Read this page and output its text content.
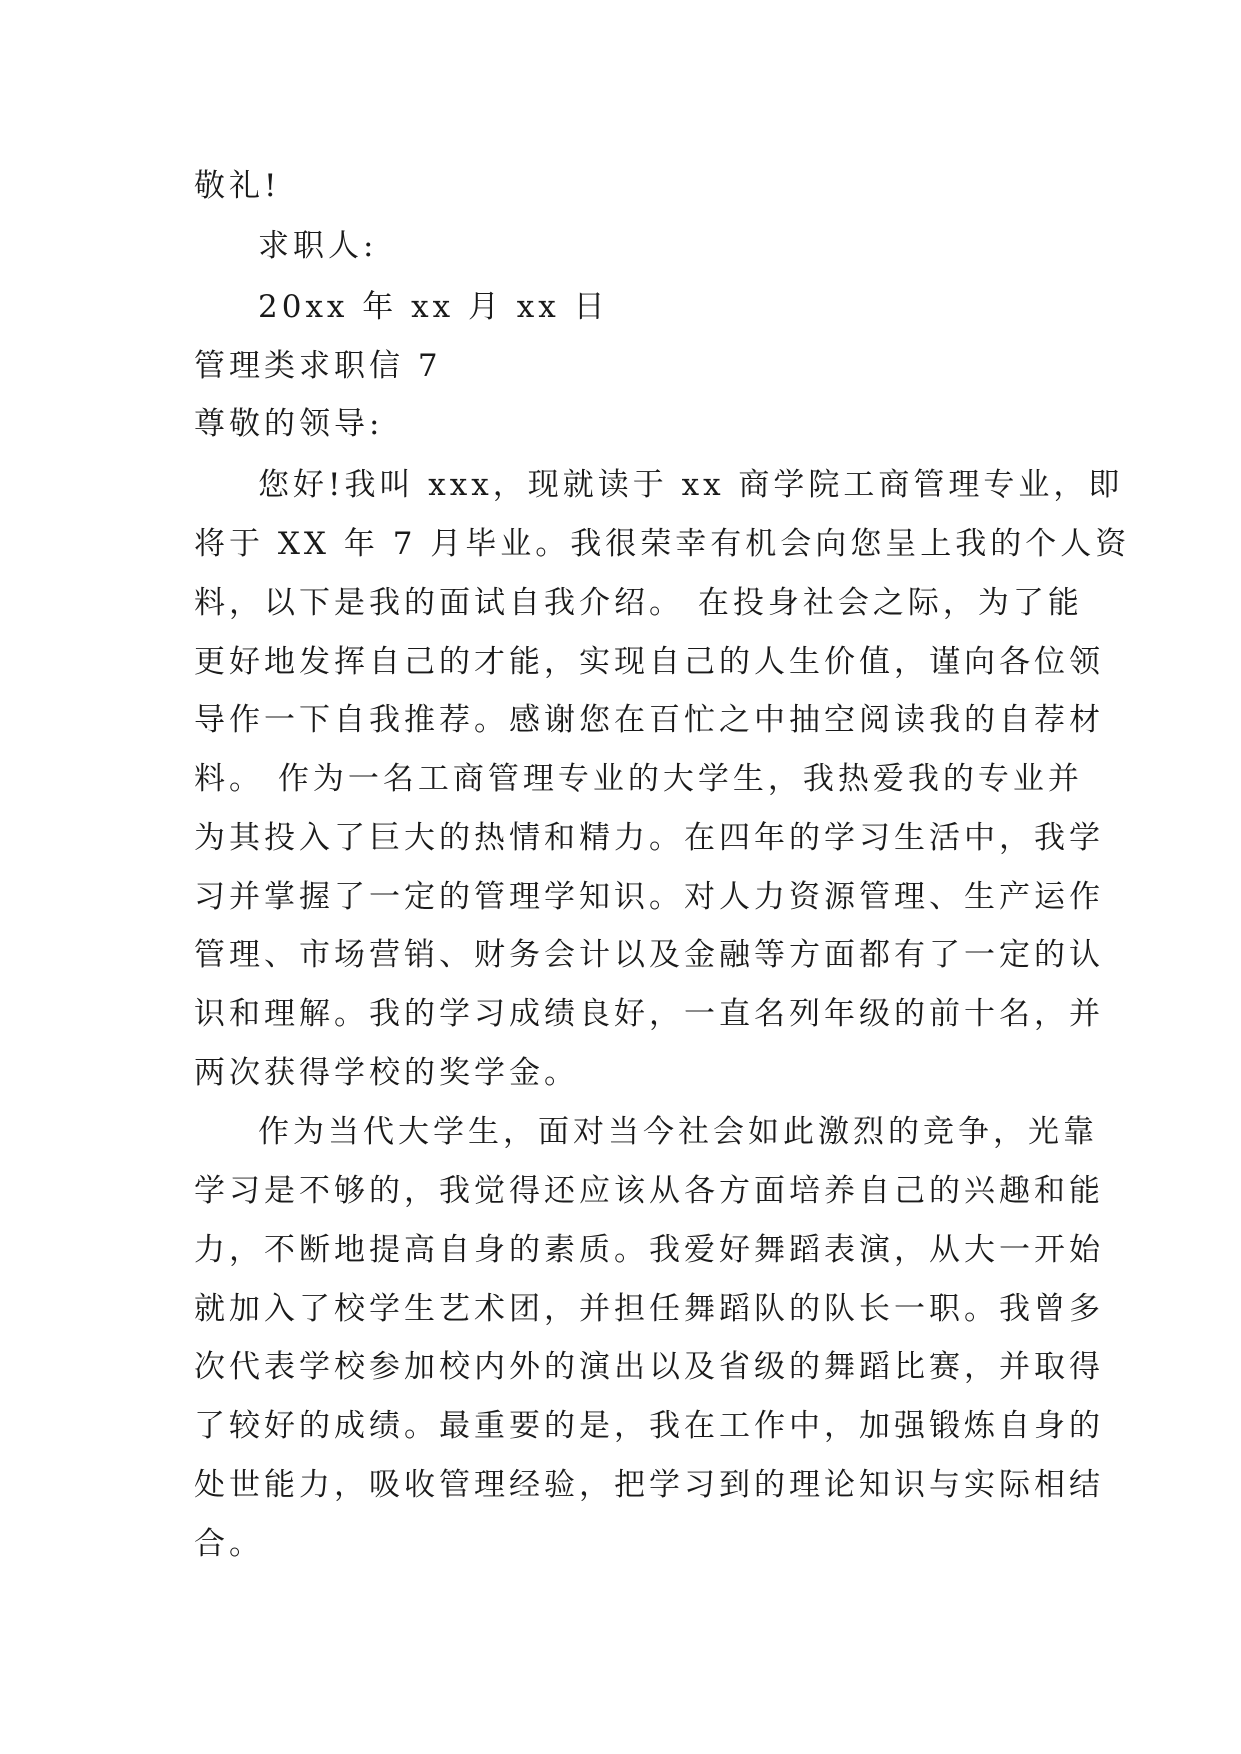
敬礼!
求职人:
20xx 年 xx 月 xx 日
管理类求职信 7
尊敬的领导:
您好!我叫 xxx，现就读于 xx 商学院工商管理专业，即
将于 XX 年 7 月毕业。我很荣幸有机会向您呈上我的个人资
料，以下是我的面试自我介绍。 在投身社会之际，为了能
更好地发挥自己的才能，实现自己的人生价值，谨向各位领
导作一下自我推荐。感谢您在百忙之中抽空阅读我的自荐材
料。 作为一名工商管理专业的大学生，我热爱我的专业并
为其投入了巨大的热情和精力。在四年的学习生活中，我学
习并掌握了一定的管理学知识。对人力资源管理、生产运作
管理、市场营销、财务会计以及金融等方面都有了一定的认
识和理解。我的学习成绩良好，一直名列年级的前十名，并
两次获得学校的奖学金。
作为当代大学生，面对当今社会如此激烈的竞争，光靠
学习是不够的，我觉得还应该从各方面培养自己的兴趣和能
力，不断地提高自身的素质。我爱好舞蹈表演，从大一开始
就加入了校学生艺术团，并担任舞蹈队的队长一职。我曾多
次代表学校参加校内外的演出以及省级的舞蹈比赛，并取得
了较好的成绩。最重要的是，我在工作中，加强锻炼自身的
处世能力，吸收管理经验，把学习到的理论知识与实际相结
合。
